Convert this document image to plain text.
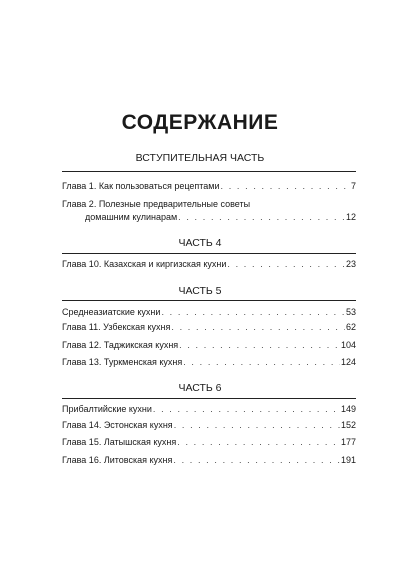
СОДЕРЖАНИЕ
ВСТУПИТЕЛЬНАЯ ЧАСТЬ
Глава 1. Как пользоваться рецептами . . .	7
Глава 2. Полезные предварительные советы
домашним кулинарам . . .	12
ЧАСТЬ 4
Глава 10. Казахская и киргизская кухни . . .	23
ЧАСТЬ 5
Среднеазиатские кухни . . .	53
Глава 11. Узбекская кухня . . .	62
Глава 12. Таджикская кухня . . .	104
Глава 13. Туркменская кухня . . .	124
ЧАСТЬ 6
Прибалтийские кухни . . .	149
Глава 14. Эстонская кухня . . .	152
Глава 15. Латышская кухня . . .	177
Глава 16. Литовская кухня . . .	191
